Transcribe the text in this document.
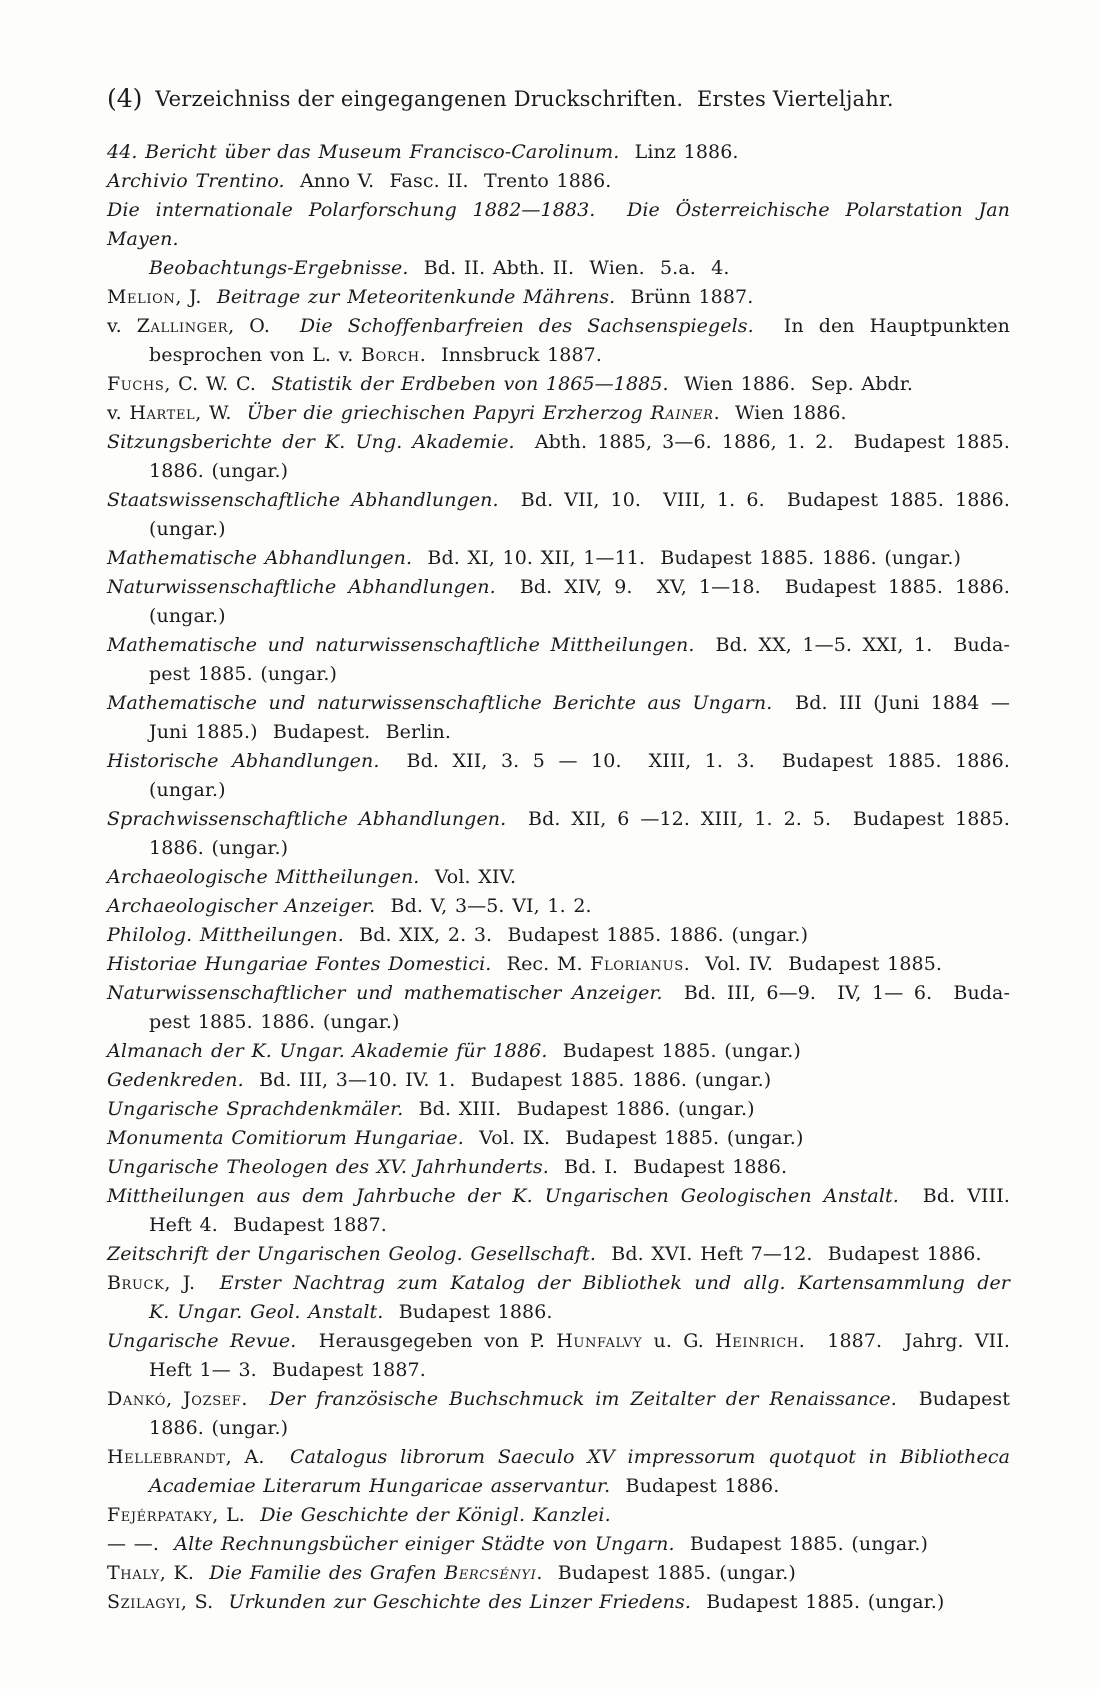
(4) Verzeichniss der eingegangenen Druckschriften.  Erstes Vierteljahr.
44. Bericht über das Museum Francisco-Carolinum.  Linz 1886.
Archivio Trentino.  Anno V.  Fasc. II.  Trento 1886.
Die internationale Polarforschung 1882—1883.  Die Österreichische Polarstation Jan Mayen.
Beobachtungs-Ergebnisse.  Bd. II. Abth. II.  Wien.  5.a.  4.
Melion, J.  Beitrage zur Meteoritenkunde Mährens.  Brünn 1887.
v. Zallinger, O.  Die Schoffenbarfreien des Sachsenspiegels.  In den Hauptpunkten
besprochen von L. v. Borch.  Innsbruck 1887.
Fuchs, C. W. C.  Statistik der Erdbeben von 1865—1885.  Wien 1886.  Sep. Abdr.
v. Hartel, W.  Über die griechischen Papyri Erzherzog Rainer.  Wien 1886.
Sitzungsberichte der K. Ung. Akademie.  Abth. 1885, 3—6. 1886, 1. 2.  Budapest 1885.
1886. (ungar.)
Staatswissenschaftliche Abhandlungen.  Bd. VII, 10.  VIII, 1. 6.  Budapest 1885. 1886.
(ungar.)
Mathematische Abhandlungen.  Bd. XI, 10. XII, 1—11.  Budapest 1885. 1886. (ungar.)
Naturwissenschaftliche Abhandlungen.  Bd. XIV, 9.  XV, 1—18.  Budapest 1885. 1886.
(ungar.)
Mathematische und naturwissenschaftliche Mittheilungen.  Bd. XX, 1—5. XXI, 1.  Buda-
pest 1885. (ungar.)
Mathematische und naturwissenschaftliche Berichte aus Ungarn.  Bd. III (Juni 1884 —
Juni 1885.)  Budapest.  Berlin.
Historische Abhandlungen.  Bd. XII, 3. 5 — 10.  XIII, 1. 3.  Budapest 1885. 1886.
(ungar.)
Sprachwissenschaftliche Abhandlungen.  Bd. XII, 6 —12. XIII, 1. 2. 5.  Budapest 1885.
1886. (ungar.)
Archaeologische Mittheilungen.  Vol. XIV.
Archaeologischer Anzeiger.  Bd. V, 3—5. VI, 1. 2.
Philolog. Mittheilungen.  Bd. XIX, 2. 3.  Budapest 1885. 1886. (ungar.)
Historiae Hungariae Fontes Domestici.  Rec. M. Florianus.  Vol. IV.  Budapest 1885.
Naturwissenschaftlicher und mathematischer Anzeiger.  Bd. III, 6—9.  IV, 1— 6.  Buda-
pest 1885. 1886. (ungar.)
Almanach der K. Ungar. Akademie für 1886.  Budapest 1885. (ungar.)
Gedenkreden.  Bd. III, 3—10. IV. 1.  Budapest 1885. 1886. (ungar.)
Ungarische Sprachdenkmäler.  Bd. XIII.  Budapest 1886. (ungar.)
Monumenta Comitiorum Hungariae.  Vol. IX.  Budapest 1885. (ungar.)
Ungarische Theologen des XV. Jahrhunderts.  Bd. I.  Budapest 1886.
Mittheilungen aus dem Jahrbuche der K. Ungarischen Geologischen Anstalt.  Bd. VIII.
Heft 4.  Budapest 1887.
Zeitschrift der Ungarischen Geolog. Gesellschaft.  Bd. XVI. Heft 7—12.  Budapest 1886.
Bruck, J.  Erster Nachtrag zum Katalog der Bibliothek und allg. Kartensammlung der
K. Ungar. Geol. Anstalt.  Budapest 1886.
Ungarische Revue.  Herausgegeben von P. Hunfalvy u. G. Heinrich.  1887.  Jahrg. VII.
Heft 1— 3.  Budapest 1887.
Dankó, Jozsef.  Der französische Buchschmuck im Zeitalter der Renaissance.  Budapest
1886. (ungar.)
Hellebrandt, A.  Catalogus librorum Saeculo XV impressorum quotquot in Bibliotheca
Academiae Literarum Hungaricae asservantur.  Budapest 1886.
Fejérpataky, L.  Die Geschichte der Königl. Kanzlei.
— —.  Alte Rechnungsbücher einiger Städte von Ungarn.  Budapest 1885. (ungar.)
Thaly, K.  Die Familie des Grafen Bercsényi.  Budapest 1885. (ungar.)
Szilagyi, S.  Urkunden zur Geschichte des Linzer Friedens.  Budapest 1885. (ungar.)
